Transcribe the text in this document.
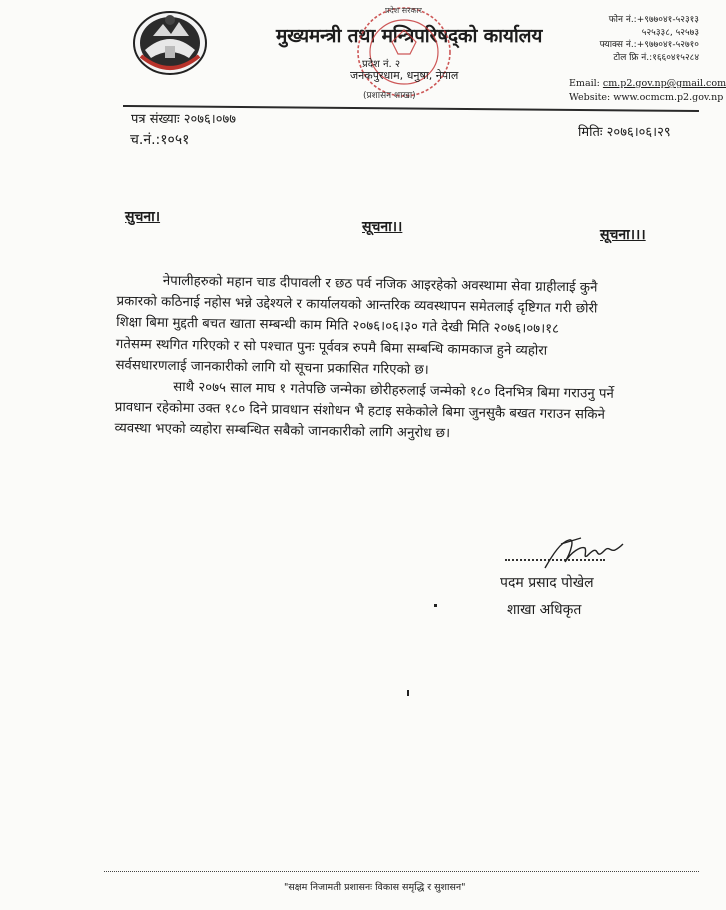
मुख्यमन्त्री तथा मन्त्रिपरिषद्को कार्यालय
प्रदेश सरकार
प्रदेश नं. २
जनकपुरधाम, धनुषा, नेपाल
(प्रशासन शाखा)
फोन नं.:+९७७०४१-५२३१३
५२५३३८, ५२५७३
फ्याक्स नं.:+९७७०४१-५२७१०
टोल फ्रि नं.:१६६०४१५२८४
Email: cm.p2.gov.np@gmail.com
Website: www.ocmcm.p2.gov.np
पत्र संख्याः २०७६।०७७
च.नं.:१०५१	मितिः २०७६।०६।२९
सुचना।
सूचना।।	सूचना।।।

नेपालीहरुको महान चाड दीपावली र छठ पर्व नजिक आइरहेको अवस्थामा सेवा ग्राहीलाई कुनै

प्रकारको कठिनाई नहोस भन्ने उद्देश्यले र कार्यालयको आन्तरिक व्यवस्थापन समेतलाई दृष्टिगत गरी छोरी

शिक्षा बिमा मुद्दती बचत खाता सम्बन्धी काम मिति २०७६।०६।३० गते देखी मिति २०७६।०७।१८

गतेसम्म स्थगित गरिएको र सो पश्चात पुनः पूर्ववत्र रुपमै बिमा सम्बन्धि कामकाज हुने व्यहोरा

सर्वसधारणलाई जानकारीको लागि यो सूचना प्रकासित गरिएको छ।

साथै २०७५ साल माघ १ गतेपछि जन्मेका छोरीहरुलाई जन्मेको १८० दिनभित्र बिमा गराउनु पर्ने

प्रावधान रहेकोमा उक्त १८० दिने प्रावधान संशोधन भै हटाइ सकेकोले बिमा जुनसुकै बखत गराउन सकिने

व्यवस्था भएको व्यहोरा सम्बन्धित सबैको जानकारीको लागि अनुरोध छ।

पदम प्रसाद पोखेल
शाखा अधिकृत
"सक्षम निजामती प्रशासनः विकास समृद्धि र सुशासन"
